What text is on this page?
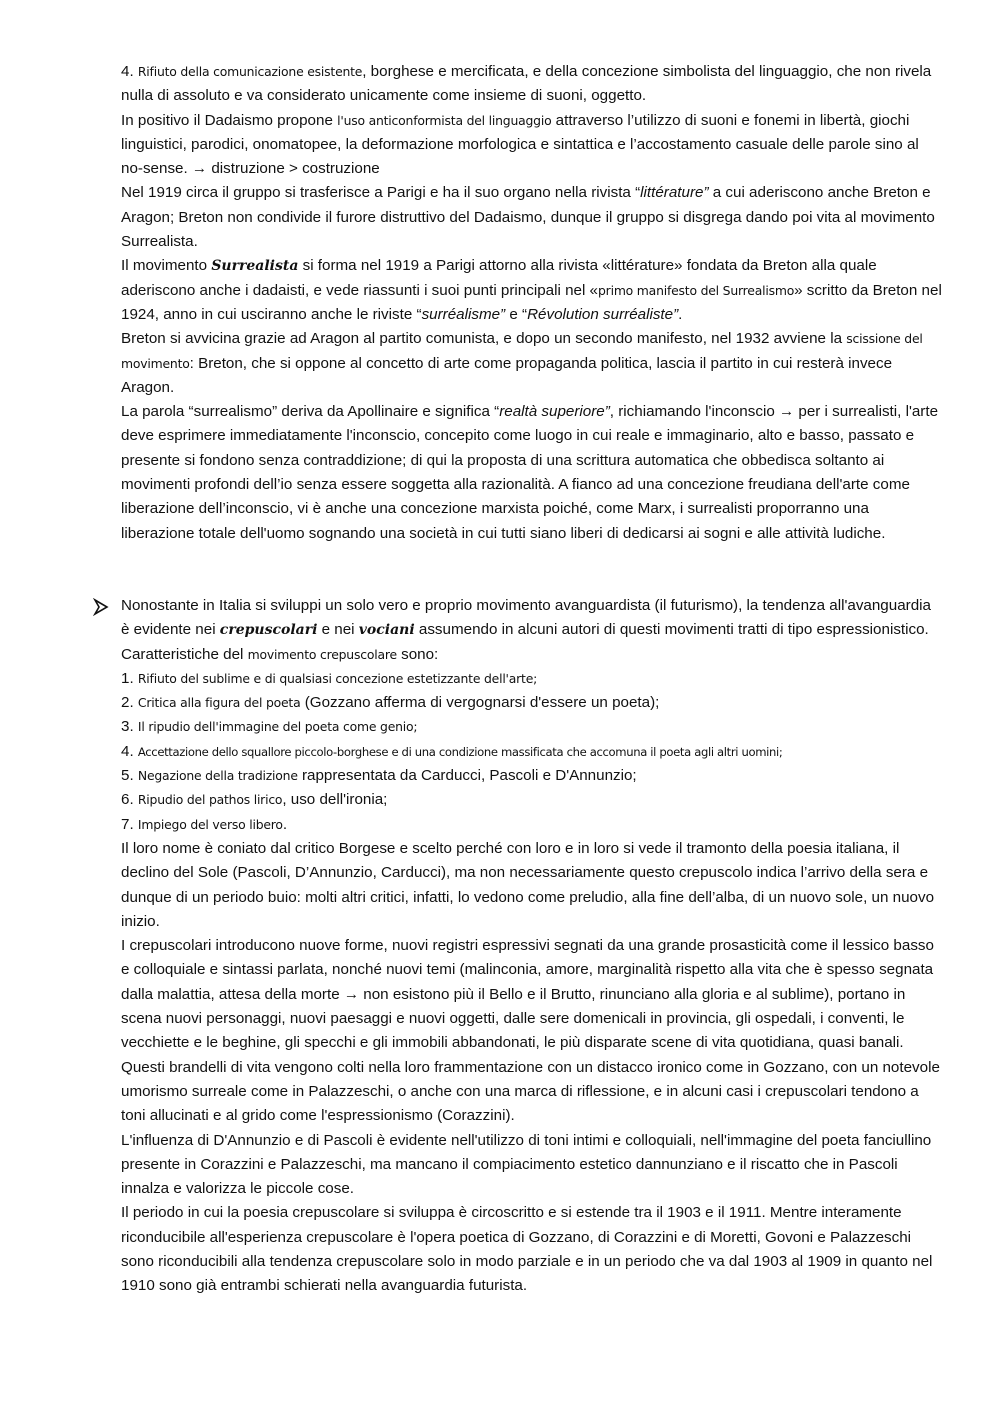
4. Rifiuto della comunicazione esistente, borghese e mercificata, e della concezione simbolista del linguaggio, che non rivela nulla di assoluto e va considerato unicamente come insieme di suoni, oggetto.

In positivo il Dadaismo propone l'uso anticonformista del linguaggio attraverso l’utilizzo di suoni e fonemi in libertà, giochi linguistici, parodici, onomatopee, la deformazione morfologica e sintattica e l’accostamento casuale delle parole sino al no-sense. → distruzione > costruzione

Nel 1919 circa il gruppo si trasferisce a Parigi e ha il suo organo nella rivista “littérature” a cui aderiscono anche Breton e Aragon; Breton non condivide il furore distruttivo del Dadaismo, dunque il gruppo si disgrega dando poi vita al movimento Surrealista.

Il movimento Surrealista si forma nel 1919 a Parigi attorno alla rivista «littérature» fondata da Breton alla quale aderiscono anche i dadaisti, e vede riassunti i suoi punti principali nel «primo manifesto del Surrealismo» scritto da Breton nel 1924, anno in cui usciranno anche le riviste “surréalisme” e “Révolution surréaliste”.

Breton si avvicina grazie ad Aragon al partito comunista, e dopo un secondo manifesto, nel 1932 avviene la scissione del movimento: Breton, che si oppone al concetto di arte come propaganda politica, lascia il partito in cui resterà invece Aragon.

La parola “surrealismo” deriva da Apollinaire e significa “realtà superiore”, richiamando l'inconscio → per i surrealisti, l'arte deve esprimere immediatamente l'inconscio, concepito come luogo in cui reale e immaginario, alto e basso, passato e presente si fondono senza contraddizione; di qui la proposta di una scrittura automatica che obbedisca soltanto ai movimenti profondi dell’io senza essere soggetta alla razionalità. A fianco ad una concezione freudiana dell'arte come liberazione dell’inconscio, vi è anche una concezione marxista poiché, come Marx, i surrealisti proporranno una liberazione totale dell'uomo sognando una società in cui tutti siano liberi di dedicarsi ai sogni e alle attività ludiche.

Nonostante in Italia si sviluppi un solo vero e proprio movimento avanguardista (il futurismo), la tendenza all'avanguardia è evidente nei crepuscolari e nei vociani assumendo in alcuni autori di questi movimenti tratti di tipo espressionistico.

Caratteristiche del movimento crepuscolare sono:

1. Rifiuto del sublime e di qualsiasi concezione estetizzante dell'arte;

2. Critica alla figura del poeta (Gozzano afferma di vergognarsi d'essere un poeta);

3. Il ripudio dell'immagine del poeta come genio;

4. Accettazione dello squallore piccolo-borghese e di una condizione massificata che accomuna il poeta agli altri uomini;

5. Negazione della tradizione rappresentata da Carducci, Pascoli e D'Annunzio;

6. Ripudio del pathos lirico, uso dell'ironia;

7. Impiego del verso libero.

Il loro nome è coniato dal critico Borgese e scelto perché con loro e in loro si vede il tramonto della poesia italiana, il declino del Sole (Pascoli, D’Annunzio, Carducci), ma non necessariamente questo crepuscolo indica l’arrivo della sera e dunque di un periodo buio: molti altri critici, infatti, lo vedono come preludio, alla fine dell’alba, di un nuovo sole, un nuovo inizio.

I crepuscolari introducono nuove forme, nuovi registri espressivi segnati da una grande prosasticità come il lessico basso e colloquiale e sintassi parlata, nonché nuovi temi (malinconia, amore, marginalità rispetto alla vita che è spesso segnata dalla malattia, attesa della morte → non esistono più il Bello e il Brutto, rinunciano alla gloria e al sublime), portano in scena nuovi personaggi, nuovi paesaggi e nuovi oggetti, dalle sere domenicali in provincia, gli ospedali, i conventi, le vecchiette e le beghine, gli specchi e gli immobili abbandonati, le più disparate scene di vita quotidiana, quasi banali.

Questi brandelli di vita vengono colti nella loro frammentazione con un distacco ironico come in Gozzano, con un notevole umorismo surreale come in Palazzeschi, o anche con una marca di riflessione, e in alcuni casi i crepuscolari tendono a toni allucinati e al grido come l'espressionismo (Corazzini).

L'influenza di D'Annunzio e di Pascoli è evidente nell'utilizzo di toni intimi e colloquiali, nell'immagine del poeta fanciullino presente in Corazzini e Palazzeschi, ma mancano il compiacimento estetico dannunziano e il riscatto che in Pascoli innalza e valorizza le piccole cose.

Il periodo in cui la poesia crepuscolare si sviluppa è circoscritto e si estende tra il 1903 e il 1911. Mentre interamente riconducibile all'esperienza crepuscolare è l'opera poetica di Gozzano, di Corazzini e di Moretti, Govoni e Palazzeschi sono riconducibili alla tendenza crepuscolare solo in modo parziale e in un periodo che va dal 1903 al 1909 in quanto nel 1910 sono già entrambi schierati nella avanguardia futurista.
